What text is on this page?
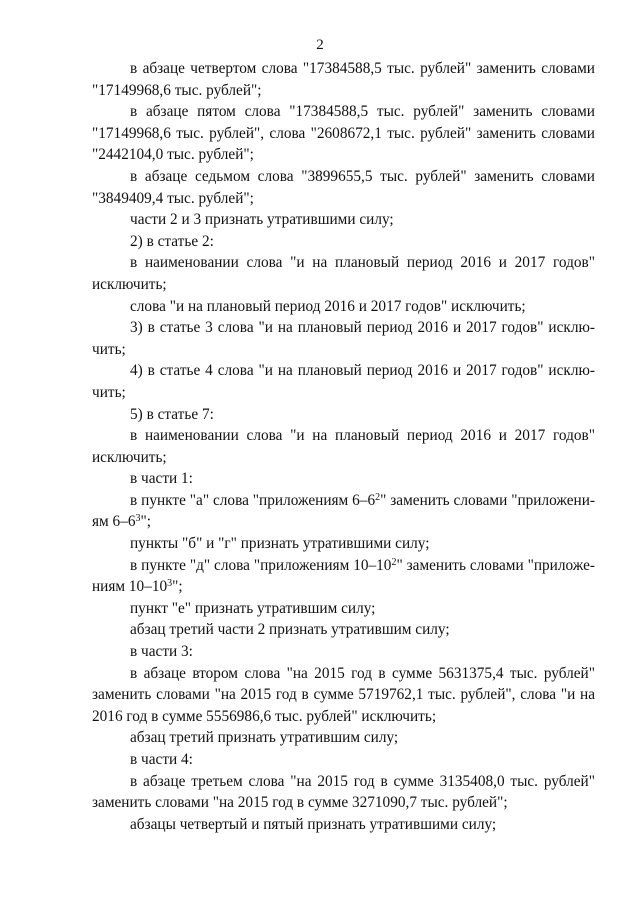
2

в абзаце четвертом слова "17384588,5 тыс. рублей" заменить словами "17149968,6 тыс. рублей";

в абзаце пятом слова "17384588,5 тыс. рублей" заменить словами "17149968,6 тыс. рублей", слова "2608672,1 тыс. рублей" заменить словами "2442104,0 тыс. рублей";

в абзаце седьмом слова "3899655,5 тыс. рублей" заменить словами "3849409,4 тыс. рублей";

части 2 и 3 признать утратившими силу;

2) в статье 2:

в наименовании слова "и на плановый период 2016 и 2017 годов" исключить;

слова "и на плановый период 2016 и 2017 годов" исключить;

3) в статье 3 слова "и на плановый период 2016 и 2017 годов" исклю-чить;

4) в статье 4 слова "и на плановый период 2016 и 2017 годов" исклю-чить;

5) в статье 7:

в наименовании слова "и на плановый период 2016 и 2017 годов" исключить;

в части 1:

в пункте "а" слова "приложениям $6-6^2$" заменить словами "приложени-ям $6-6^3$";

пункты "б" и "г" признать утратившими силу;

в пункте "д" слова "приложениям $10-10^2$" заменить словами "приложе-ниям $10-10^3$";

пункт "е" признать утратившим силу;

абзац третий части 2 признать утратившим силу;

в части 3:

в абзаце втором слова "на 2015 год в сумме 5631375,4 тыс. рублей" заменить словами "на 2015 год в сумме 5719762,1 тыс. рублей", слова "и на 2016 год в сумме 5556986,6 тыс. рублей" исключить;

абзац третий признать утратившим силу;

в части 4:

в абзаце третьем слова "на 2015 год в сумме 3135408,0 тыс. рублей" заменить словами "на 2015 год в сумме 3271090,7 тыс. рублей";

абзацы четвертый и пятый признать утратившими силу;
